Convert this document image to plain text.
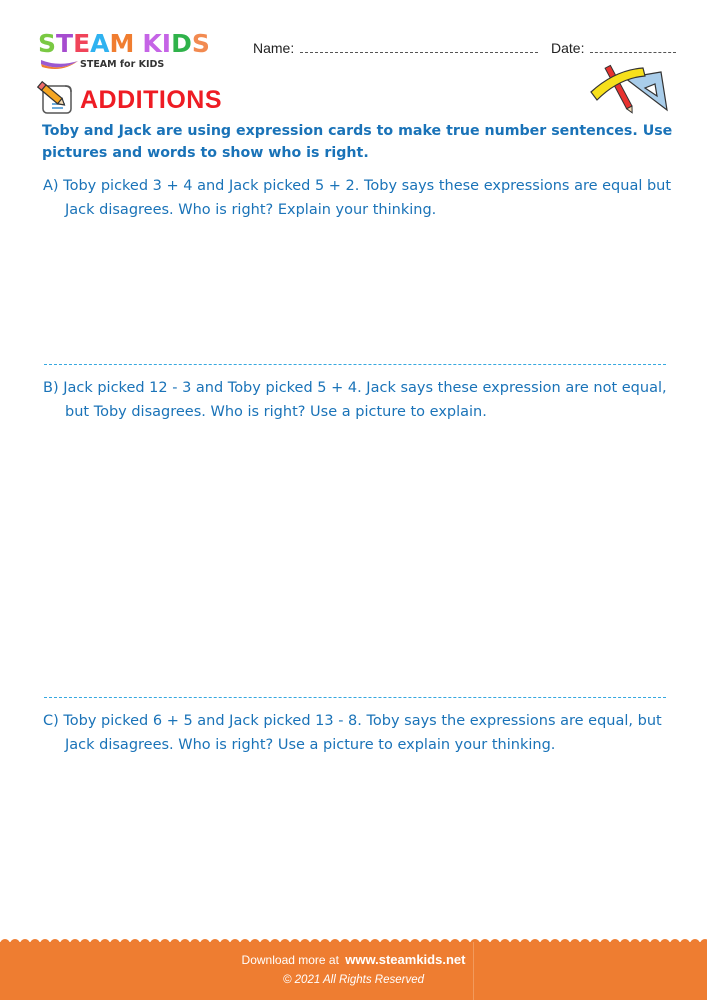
STEAM KIDS
STEAM for KIDS
Name:	Date:
ADDITIONS
Toby and Jack are using expression cards to make true number sentences. Use pictures and words to show who is right.
A) Toby picked 3 + 4 and Jack picked 5 + 2. Toby says these expressions are equal but Jack disagrees. Who is right? Explain your thinking.
B) Jack picked 12 - 3 and Toby picked 5 + 4. Jack says these expression are not equal, but Toby disagrees. Who is right? Use a picture to explain.
C) Toby picked 6 + 5 and Jack picked 13 - 8. Toby says the expressions are equal, but Jack disagrees. Who is right? Use a picture to explain your thinking.
Download more at www.steamkids.net
© 2021 All Rights Reserved
